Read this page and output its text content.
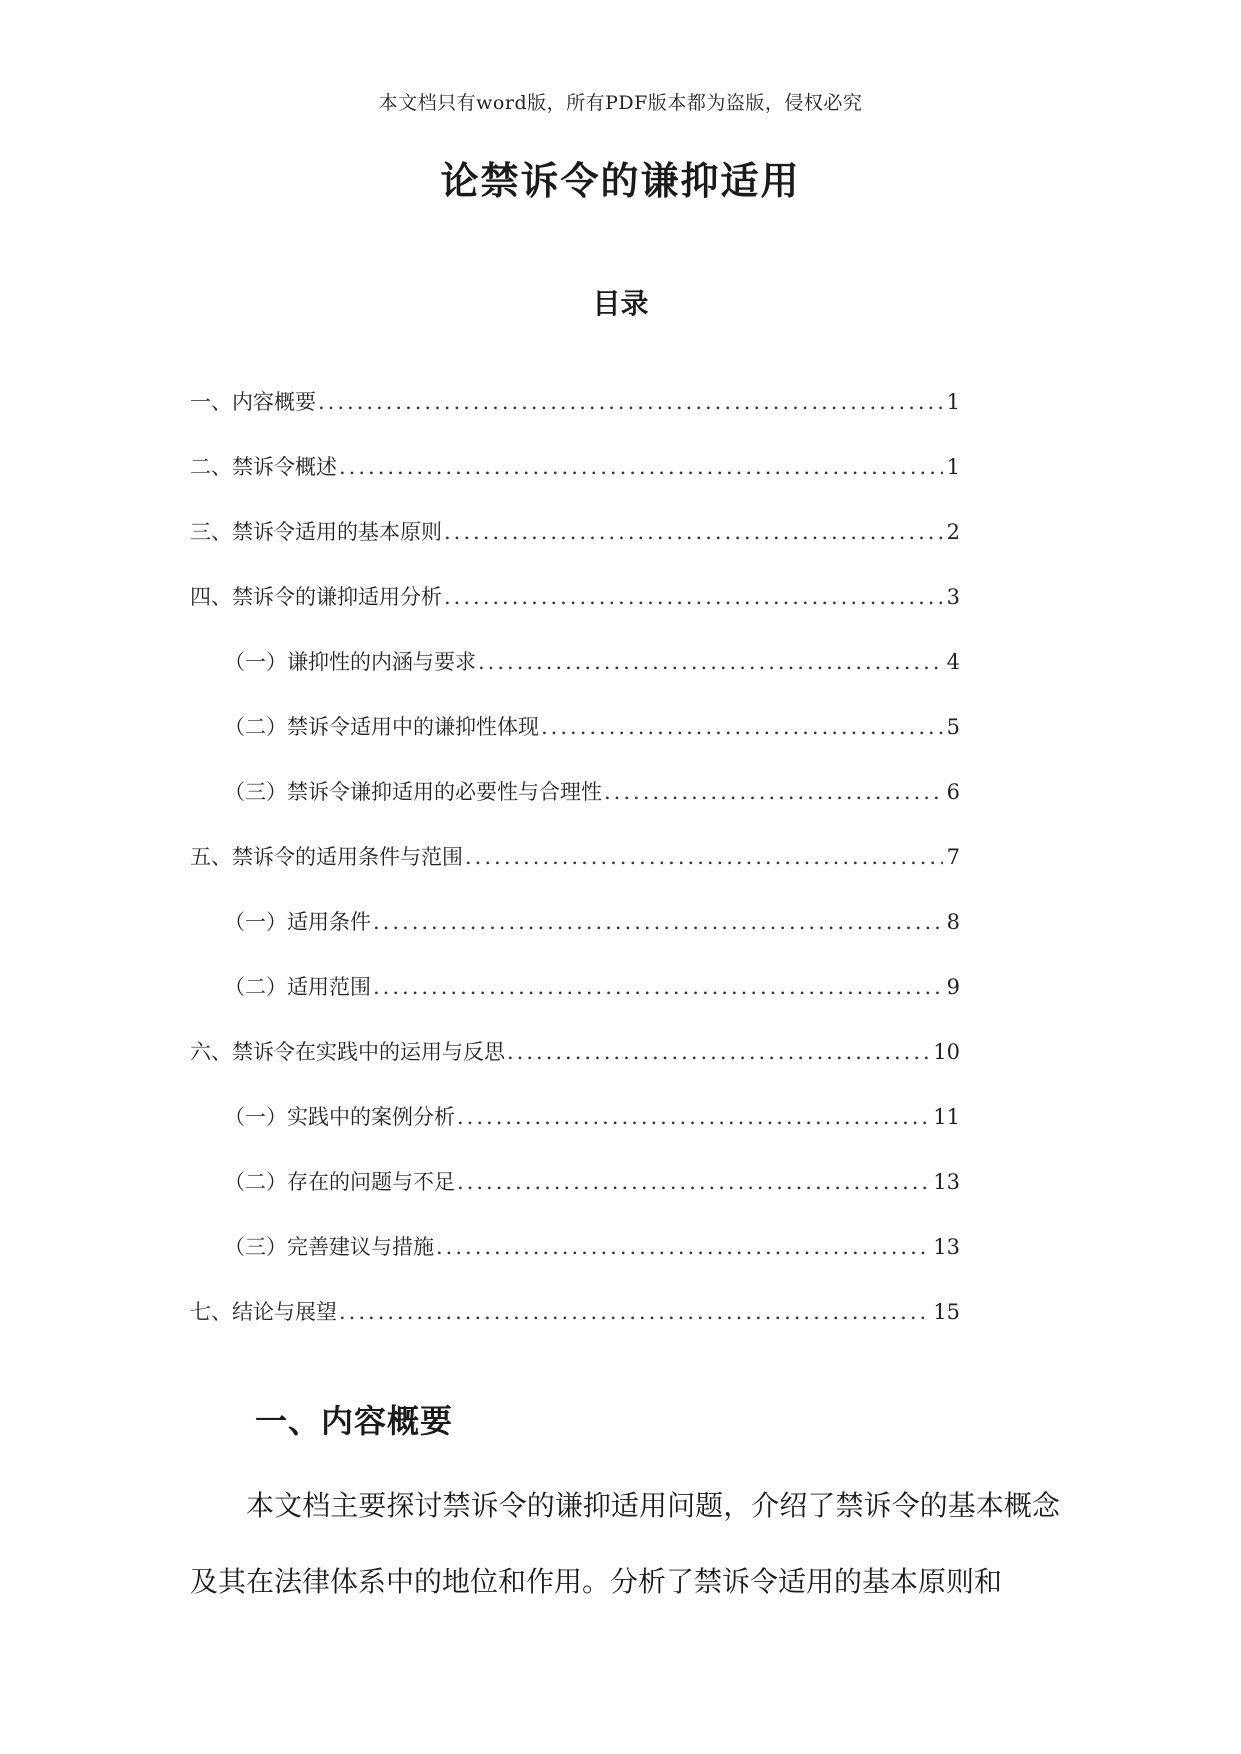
本文档只有word版，所有PDF版本都为盗版，侵权必究
论禁诉令的谦抑适用
目录
一、内容概要 .....	1
二、禁诉令概述 .....	1
三、禁诉令适用的基本原则 .....	2
四、禁诉令的谦抑适用分析 .....	3
（一）谦抑性的内涵与要求 .....	4
（二）禁诉令适用中的谦抑性体现 .....	5
（三）禁诉令谦抑适用的必要性与合理性 .....	6
五、禁诉令的适用条件与范围 .....	7
（一）适用条件 .....	8
（二）适用范围 .....	9
六、禁诉令在实践中的运用与反思 .....	10
（一）实践中的案例分析 .....	11
（二）存在的问题与不足 .....	13
（三）完善建议与措施 .....	13
七、结论与展望 .....	15
一、内容概要

本文档主要探讨禁诉令的谦抑适用问题，介绍了禁诉令的基本概念及其在法律体系中的地位和作用。分析了禁诉令适用的基本原则和
